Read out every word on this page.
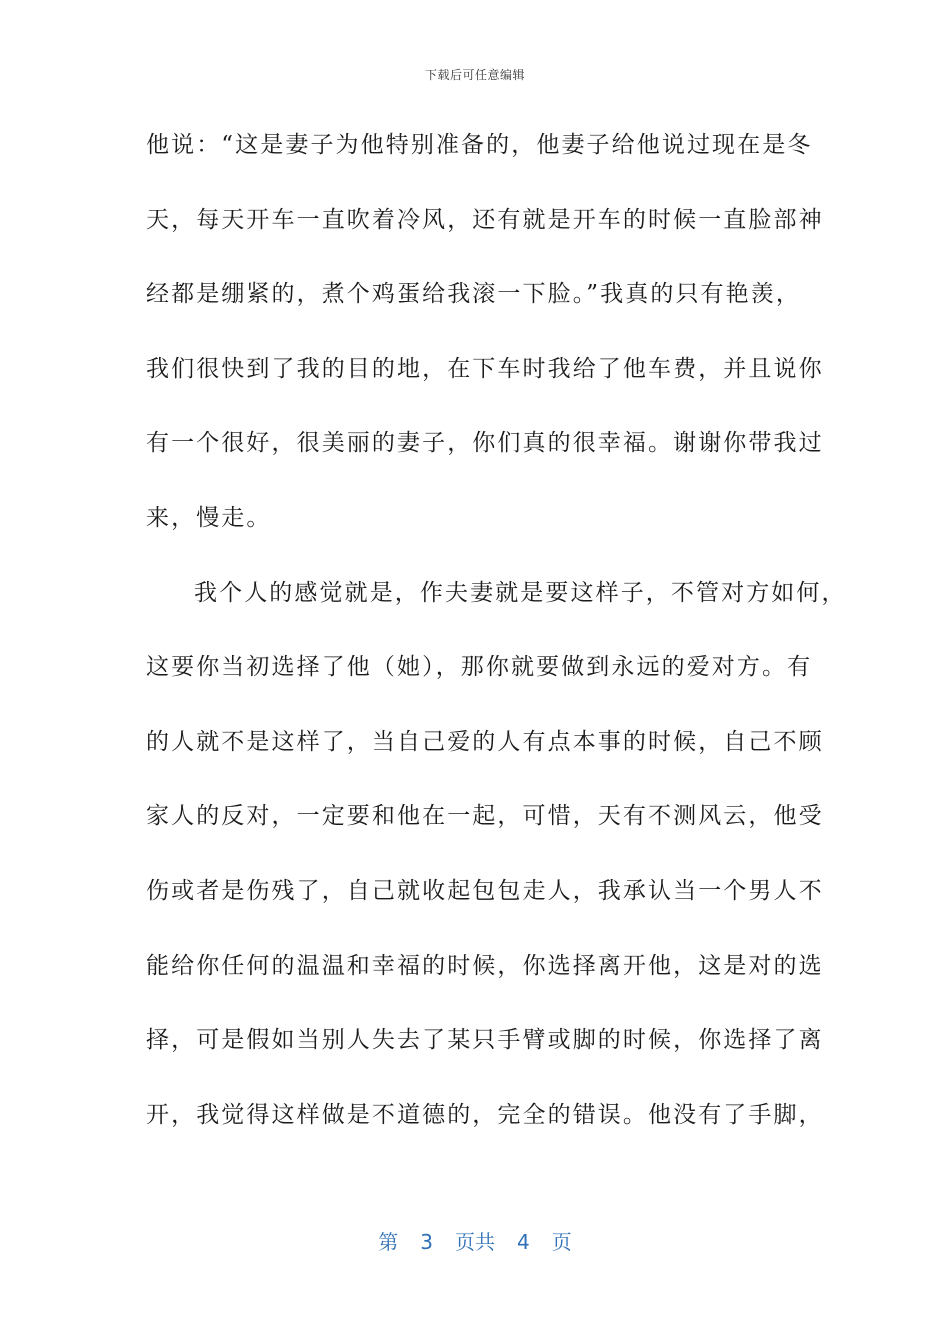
下载后可任意编辑
他说：“这是妻子为他特别准备的，他妻子给他说过现在是冬
天，每天开车一直吹着冷风，还有就是开车的时候一直脸部神
经都是绷紧的，煮个鸡蛋给我滚一下脸。”我真的只有艳羡，
我们很快到了我的目的地，在下车时我给了他车费，并且说你
有一个很好，很美丽的妻子，你们真的很幸福。谢谢你带我过
来，慢走。
我个人的感觉就是，作夫妻就是要这样子，不管对方如何，
这要你当初选择了他（她），那你就要做到永远的爱对方。有
的人就不是这样了，当自己爱的人有点本事的时候，自己不顾
家人的反对，一定要和他在一起，可惜，天有不测风云，他受
伤或者是伤残了，自己就收起包包走人，我承认当一个男人不
能给你任何的温温和幸福的时候，你选择离开他，这是对的选
择，可是假如当别人失去了某只手臂或脚的时候，你选择了离
开，我觉得这样做是不道德的，完全的错误。他没有了手脚，
第 3 页共 4 页
